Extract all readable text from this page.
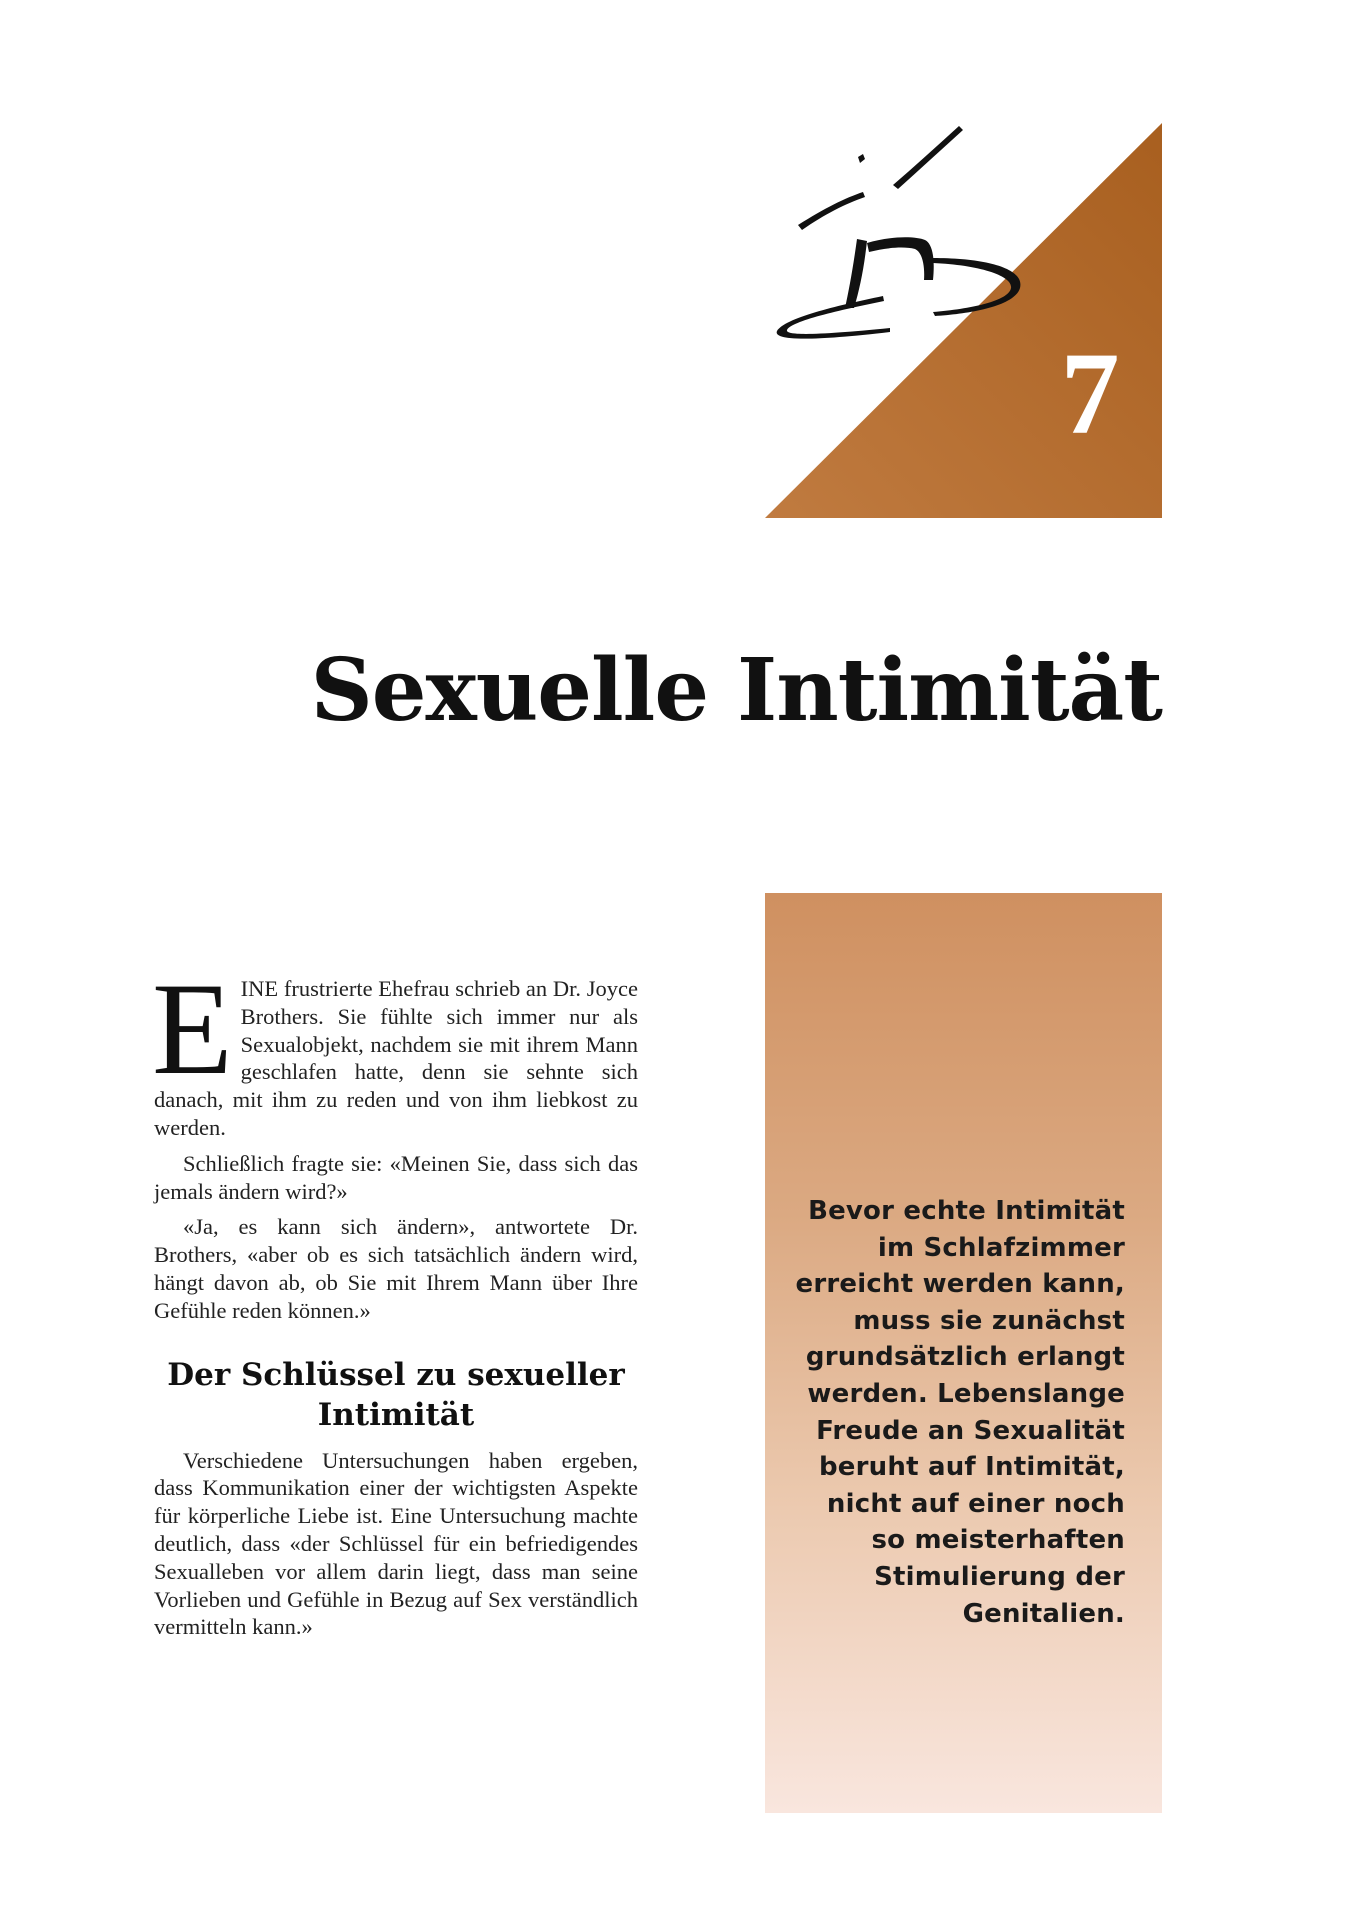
7
Sexuelle Intimität
Bevor echte Intimität im Schlafzimmer erreicht werden kann, muss sie zunächst grundsätzlich erlangt werden. Lebenslange Freude an Sexualität beruht auf Intimität, nicht auf einer noch so meisterhaften Stimulierung der Genitalien.

EINE frustrierte Ehefrau schrieb an Dr. Joyce Brothers. Sie fühlte sich immer nur als Sexualobjekt, nachdem sie mit ihrem Mann geschlafen hatte, denn sie sehnte sich danach, mit ihm zu reden und von ihm liebkost zu werden.

Schließlich fragte sie: «Meinen Sie, dass sich das jemals ändern wird?»

«Ja, es kann sich ändern», antwortete Dr. Brothers, «aber ob es sich tatsächlich ändern wird, hängt davon ab, ob Sie mit Ihrem Mann über Ihre Gefühle reden können.»

Der Schlüssel zu sexueller Intimität

Verschiedene Untersuchungen haben ergeben, dass Kommunikation einer der wichtigsten Aspekte für körperliche Liebe ist. Eine Untersuchung machte deutlich, dass «der Schlüssel für ein befriedigendes Sexualleben vor allem darin liegt, dass man seine Vorlieben und Gefühle in Bezug auf Sex verständlich vermitteln kann.»
